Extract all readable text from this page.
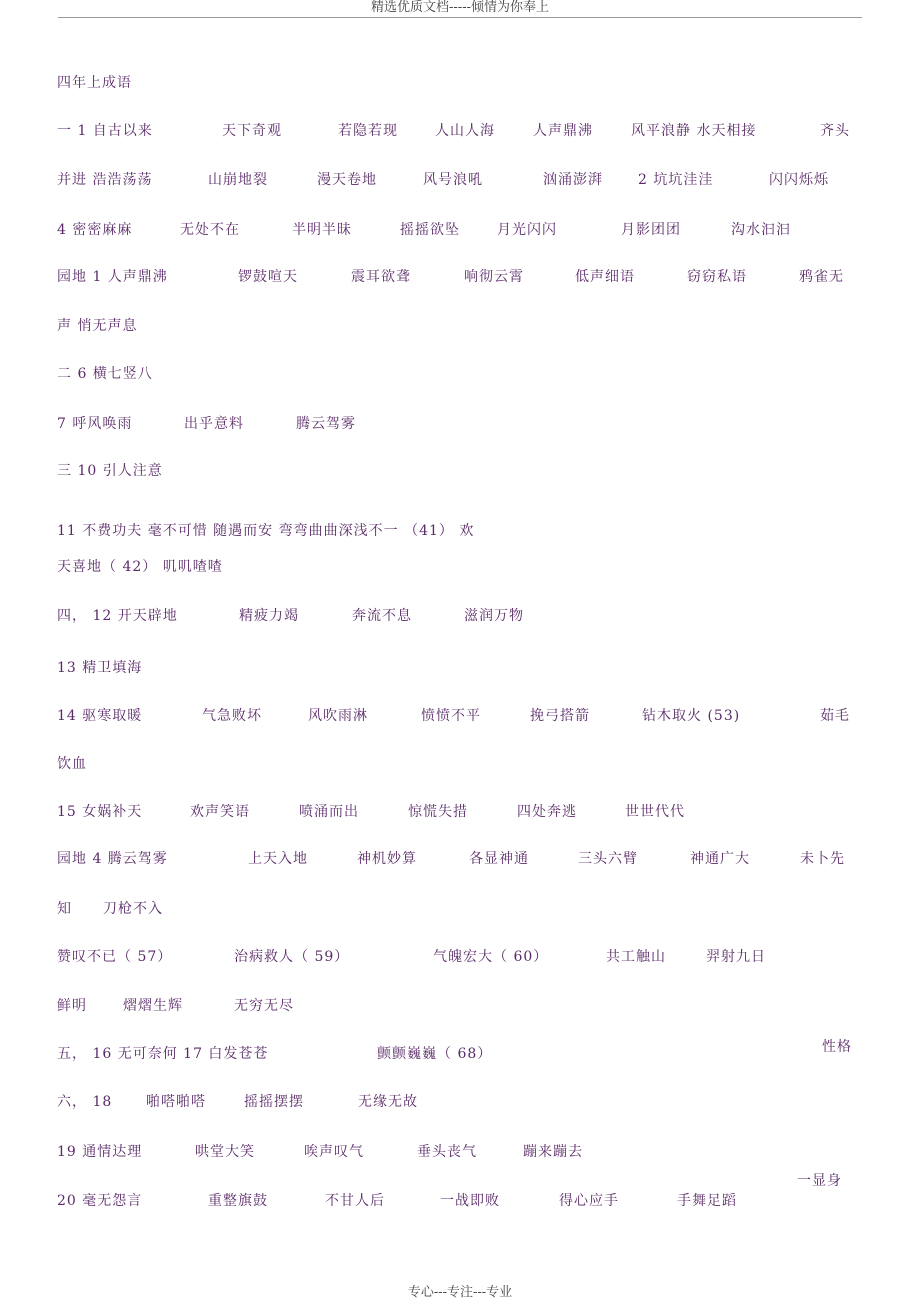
精选优质文档-----倾情为你奉上
四年上成语
一 1 自古以来	天下奇观	若隐若现	人山人海	人声鼎沸	风平浪静 水天相接	齐头
并进 浩浩荡荡	山崩地裂	漫天卷地	风号浪吼	汹涌澎湃	2 坑坑洼洼	闪闪烁烁
4 密密麻麻	无处不在	半明半昧	摇摇欲坠	月光闪闪	月影团团	沟水汩汩
园地 1 人声鼎沸	锣鼓喧天	震耳欲聋	响彻云霄	低声细语	窃窃私语	鸦雀无
声 悄无声息
二 6 横七竖八
7 呼风唤雨	出乎意料	腾云驾雾
三 10 引人注意
11 不费功夫 毫不可惜 随遇而安 弯弯曲曲深浅不一 （41） 欢
天喜地（ 42） 叽叽喳喳
四， 12 开天辟地	精疲力竭	奔流不息	滋润万物
13 精卫填海
14 驱寒取暖	气急败坏	风吹雨淋	愤愤不平	挽弓搭箭	钻木取火 (53)	茹毛
饮血
15 女娲补天	欢声笑语	喷涌而出	惊慌失措	四处奔逃	世世代代
园地 4 腾云驾雾	上天入地	神机妙算	各显神通	三头六臂	神通广大	未卜先
知 刀枪不入
赞叹不已（ 57）	治病救人（ 59）	气魄宏大（ 60）	共工触山	羿射九日
鲜明	熠熠生辉	无穷无尽
性格
五， 16 无可奈何 17 白发苍苍	颤颤巍巍（ 68）
六， 18 啪嗒啪嗒	摇摇摆摆	无缘无故
19 通情达理	哄堂大笑	唉声叹气	垂头丧气	蹦来蹦去
一显身
20 毫无怨言	重整旗鼓	不甘人后	一战即败	得心应手	手舞足蹈
专心---专注---专业
